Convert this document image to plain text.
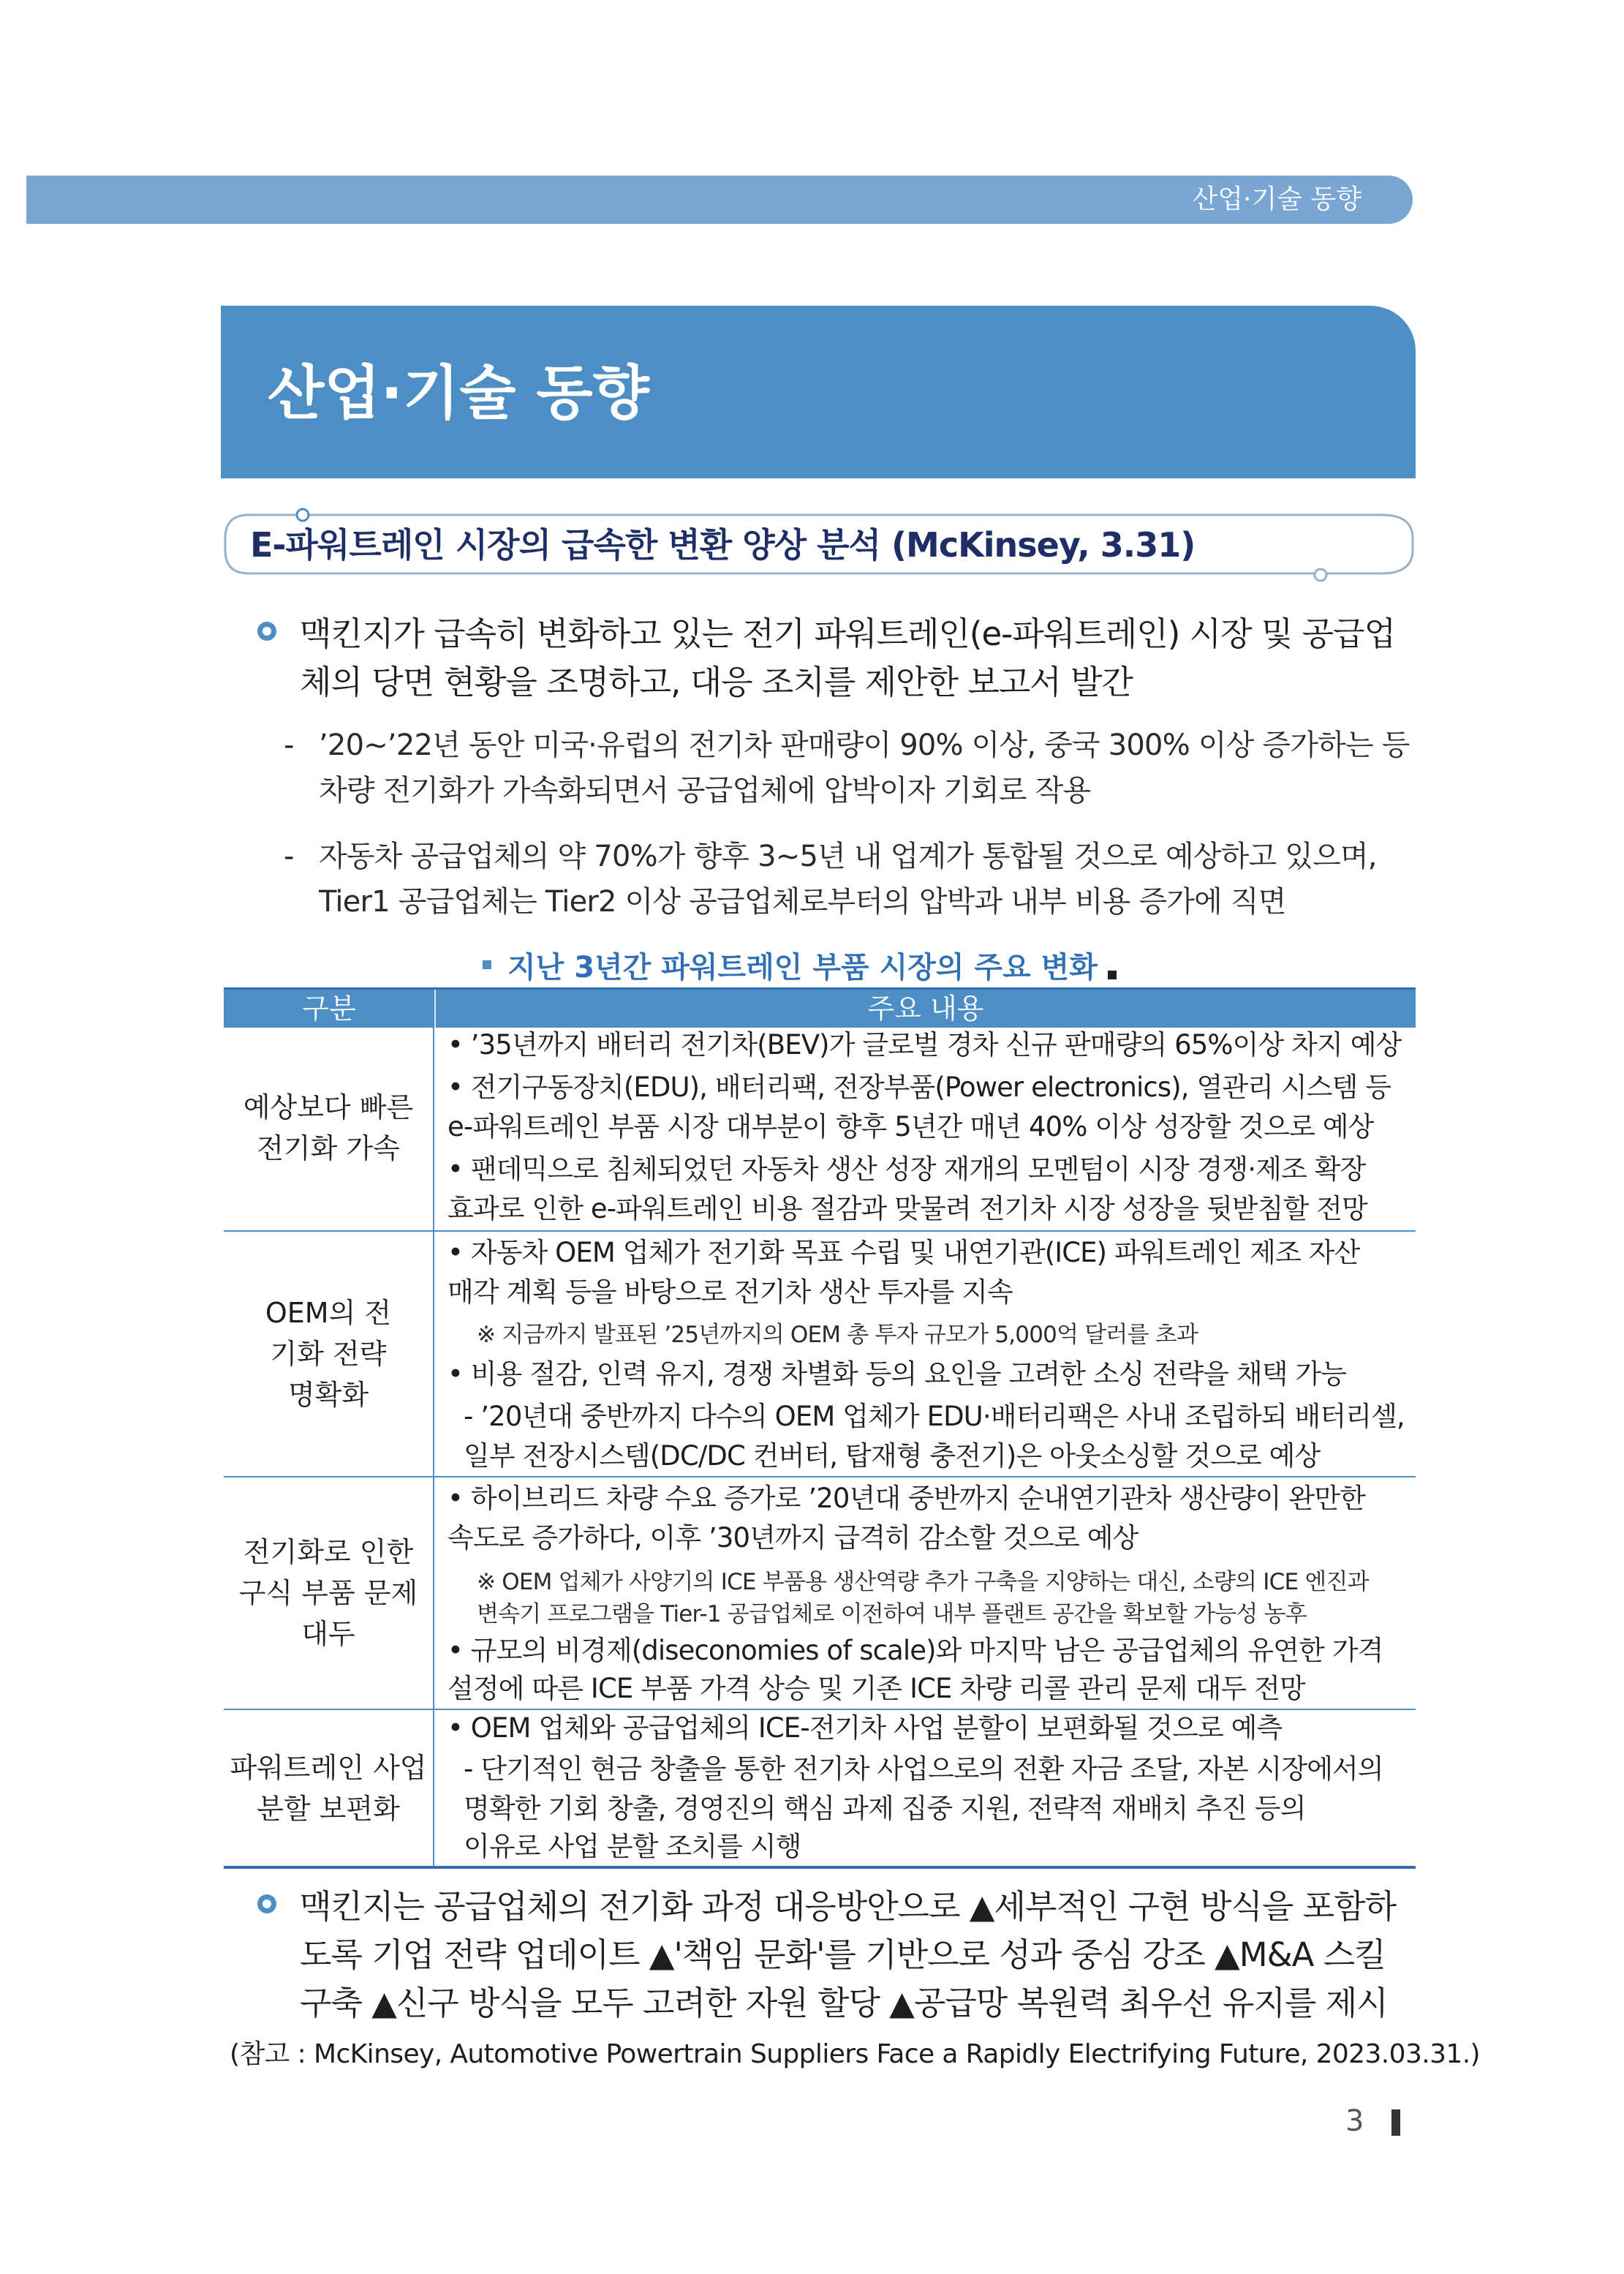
산업·기술 동향
산업·기술 동향
E-파워트레인 시장의 급속한 변환 양상 분석 (McKinsey, 3.31)

맥킨지가 급속히 변화하고 있는 전기 파워트레인(e-파워트레인) 시장 및 공급업체의 당면 현황을 조명하고, 대응 조치를 제안한 보고서 발간

- ’20~’22년 동안 미국·유럽의 전기차 판매량이 90% 이상, 중국 300% 이상 증가하는 등 차량 전기화가 가속화되면서 공급업체에 압박이자 기회로 작용

- 자동차 공급업체의 약 70%가 향후 3~5년 내 업계가 통합될 것으로 예상하고 있으며, Tier1 공급업체는 Tier2 이상 공급업체로부터의 압박과 내부 비용 증가에 직면

지난 3년간 파워트레인 부품 시장의 주요 변화
구분	주요 내용
예상보다 빠른 전기화 가속
• ’35년까지 배터리 전기차(BEV)가 글로벌 경차 신규 판매량의 65%이상 차지 예상
• 전기구동장치(EDU), 배터리팩, 전장부품(Power electronics), 열관리 시스템 등
e-파워트레인 부품 시장 대부분이 향후 5년간 매년 40% 이상 성장할 것으로 예상
• 팬데믹으로 침체되었던 자동차 생산 성장 재개의 모멘텀이 시장 경쟁·제조 확장
효과로 인한 e-파워트레인 비용 절감과 맞물려 전기차 시장 성장을 뒷받침할 전망
OEM의 전기화 전략 명확화
• 자동차 OEM 업체가 전기화 목표 수립 및 내연기관(ICE) 파워트레인 제조 자산
매각 계획 등을 바탕으로 전기차 생산 투자를 지속
※ 지금까지 발표된 ’25년까지의 OEM 총 투자 규모가 5,000억 달러를 초과
• 비용 절감, 인력 유지, 경쟁 차별화 등의 요인을 고려한 소싱 전략을 채택 가능
- ’20년대 중반까지 다수의 OEM 업체가 EDU·배터리팩은 사내 조립하되 배터리셀,
일부 전장시스템(DC/DC 컨버터, 탑재형 충전기)은 아웃소싱할 것으로 예상
전기화로 인한 구식 부품 문제 대두
• 하이브리드 차량 수요 증가로 ’20년대 중반까지 순내연기관차 생산량이 완만한
속도로 증가하다, 이후 ’30년까지 급격히 감소할 것으로 예상
※ OEM 업체가 사양기의 ICE 부품용 생산역량 추가 구축을 지양하는 대신, 소량의 ICE 엔진과
변속기 프로그램을 Tier-1 공급업체로 이전하여 내부 플랜트 공간을 확보할 가능성 농후
• 규모의 비경제(diseconomies of scale)와 마지막 남은 공급업체의 유연한 가격
설정에 따른 ICE 부품 가격 상승 및 기존 ICE 차량 리콜 관리 문제 대두 전망
파워트레인 사업 분할 보편화
• OEM 업체와 공급업체의 ICE-전기차 사업 분할이 보편화될 것으로 예측
- 단기적인 현금 창출을 통한 전기차 사업으로의 전환 자금 조달, 자본 시장에서의
명확한 기회 창출, 경영진의 핵심 과제 집중 지원, 전략적 재배치 추진 등의
이유로 사업 분할 조치를 시행

맥킨지는 공급업체의 전기화 과정 대응방안으로 ▲세부적인 구현 방식을 포함하도록 기업 전략 업데이트 ▲'책임 문화'를 기반으로 성과 중심 강조 ▲M&A 스킬 구축 ▲신구 방식을 모두 고려한 자원 할당 ▲공급망 복원력 최우선 유지를 제시

(참고 : McKinsey, Automotive Powertrain Suppliers Face a Rapidly Electrifying Future, 2023.03.31.)
3
